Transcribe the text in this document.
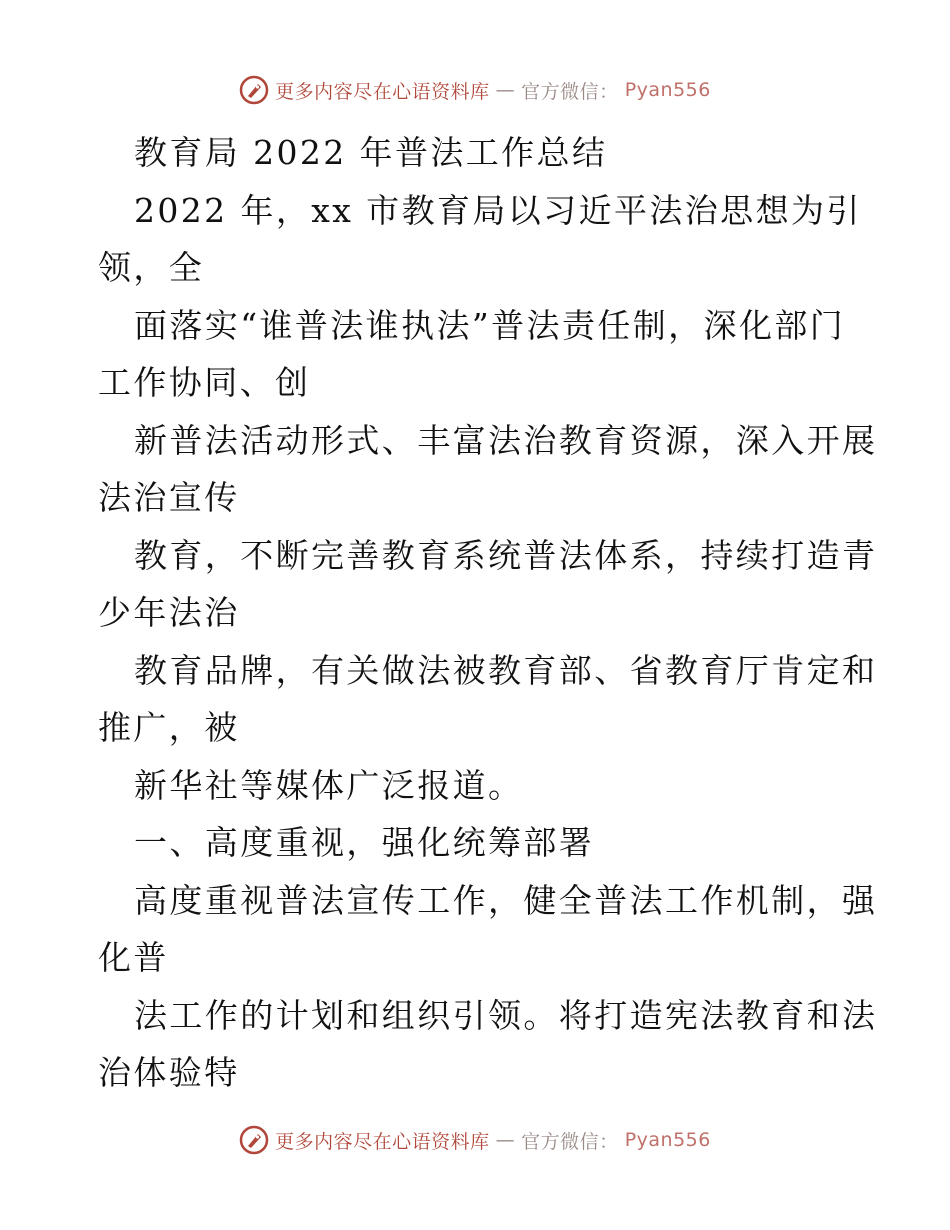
更多内容尽在心语资料库 — 官方微信： Pyan556
教育局 2022 年普法工作总结
2022 年，xx 市教育局以习近平法治思想为引
领，全
面落实“谁普法谁执法”普法责任制，深化部门
工作协同、创
新普法活动形式、丰富法治教育资源，深入开展
法治宣传
教育，不断完善教育系统普法体系，持续打造青
少年法治
教育品牌，有关做法被教育部、省教育厅肯定和
推广，被
新华社等媒体广泛报道。
一、高度重视，强化统筹部署
高度重视普法宣传工作，健全普法工作机制，强
化普
法工作的计划和组织引领。将打造宪法教育和法
治体验特
更多内容尽在心语资料库 — 官方微信： Pyan556
